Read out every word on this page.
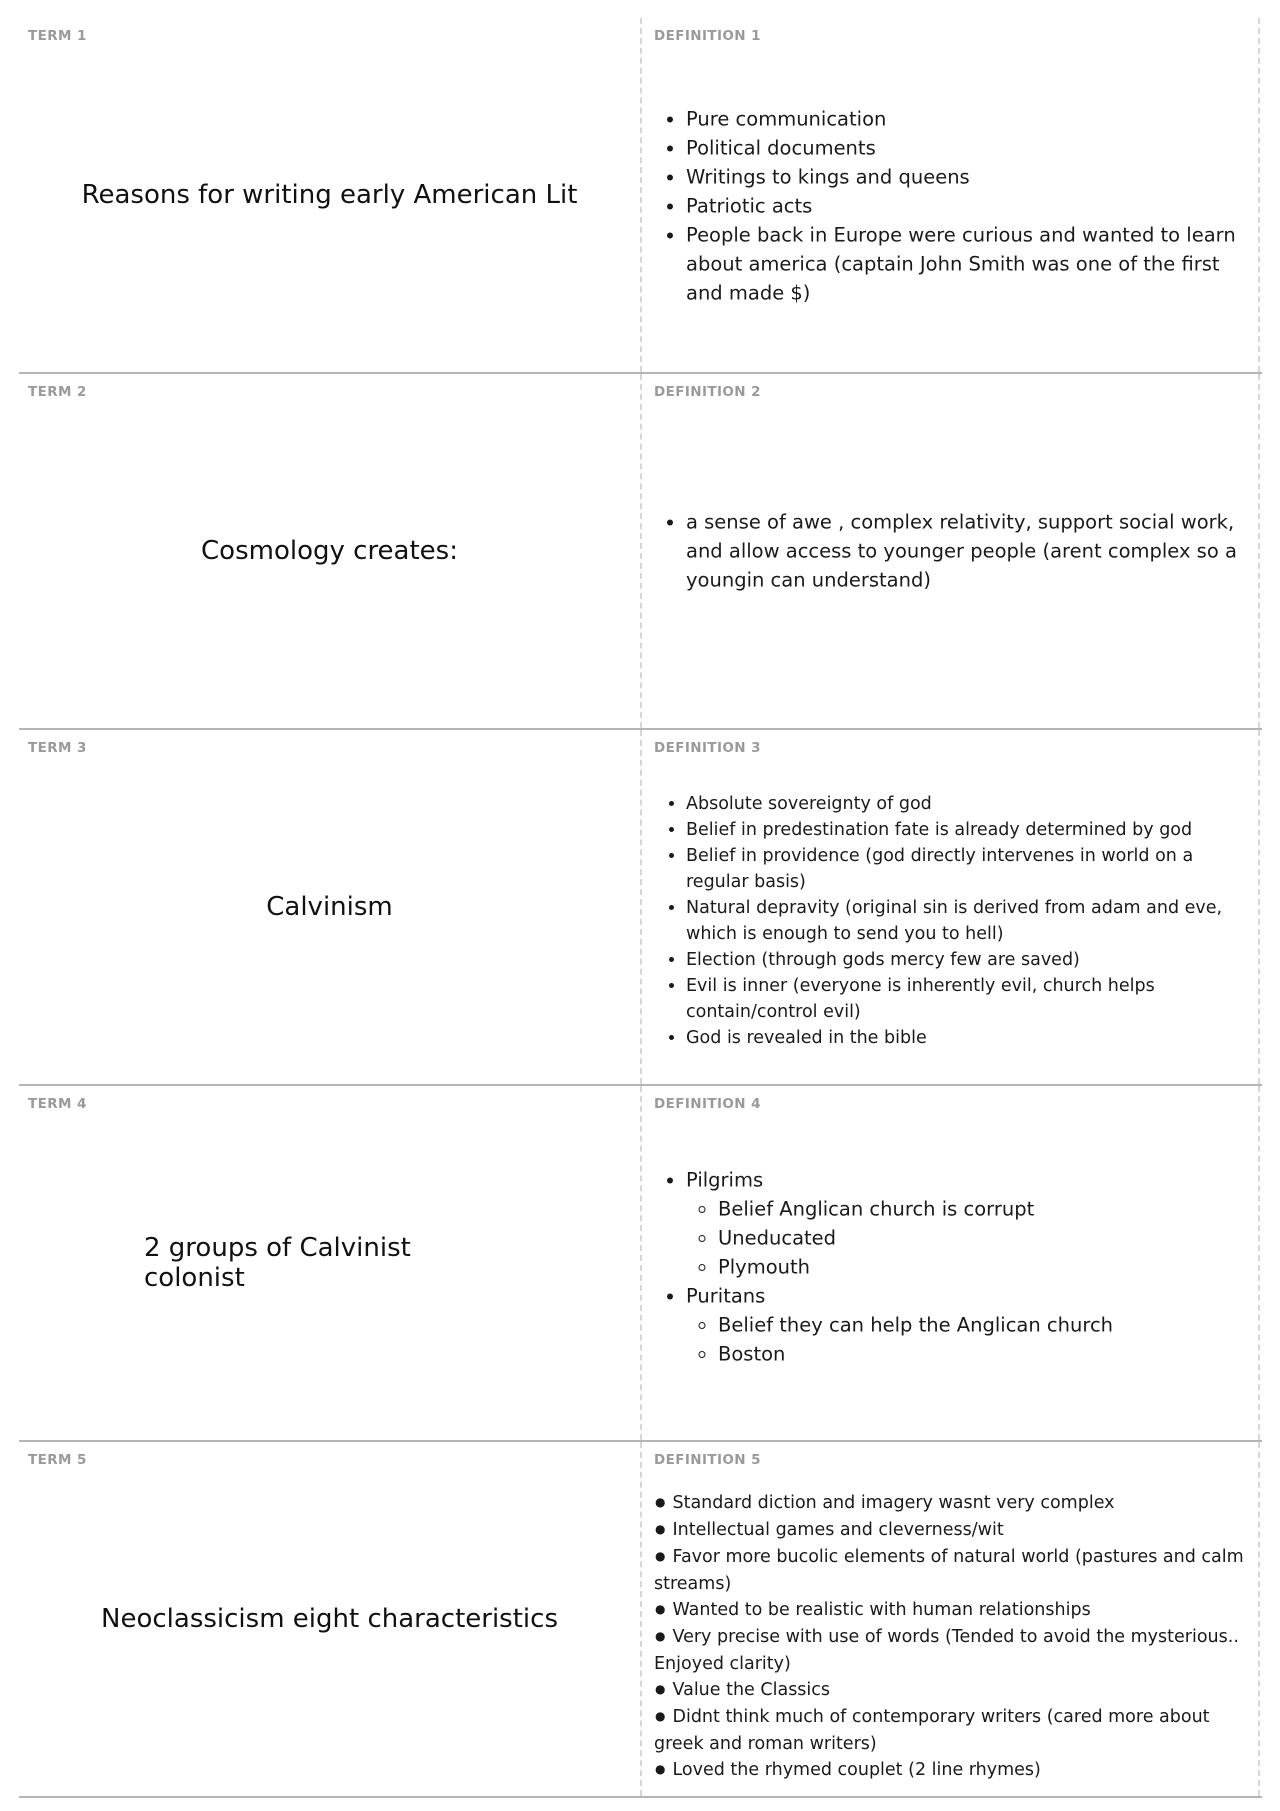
TERM 1
Reasons for writing early American Lit
DEFINITION 1
• Pure communication
• Political documents
• Writings to kings and queens
• Patriotic acts
• People back in Europe were curious and wanted to learn about america (captain John Smith was one of the first and made $)
TERM 2
Cosmology creates:
DEFINITION 2
• a sense of awe , complex relativity, support social work, and allow access to younger people (arent complex so a youngin can understand)
TERM 3
Calvinism
DEFINITION 3
• Absolute sovereignty of god
• Belief in predestination fate is already determined by god
• Belief in providence (god directly intervenes in world on a regular basis)
• Natural depravity (original sin is derived from adam and eve, which is enough to send you to hell)
• Election (through gods mercy few are saved)
• Evil is inner (everyone is inherently evil, church helps contain/control evil)
• God is revealed in the bible
TERM 4
2 groups of Calvinist colonist
DEFINITION 4
• Pilgrims
◦ Belief Anglican church is corrupt
◦ Uneducated
◦ Plymouth
• Puritans
◦ Belief they can help the Anglican church
◦ Boston
TERM 5
Neoclassicism eight characteristics
DEFINITION 5
● Standard diction and imagery wasnt very complex
● Intellectual games and cleverness/wit
● Favor more bucolic elements of natural world (pastures and calm streams)
● Wanted to be realistic with human relationships
● Very precise with use of words (Tended to avoid the mysterious.. Enjoyed clarity)
● Value the Classics
● Didnt think much of contemporary writers (cared more about greek and roman writers)
● Loved the rhymed couplet (2 line rhymes)
